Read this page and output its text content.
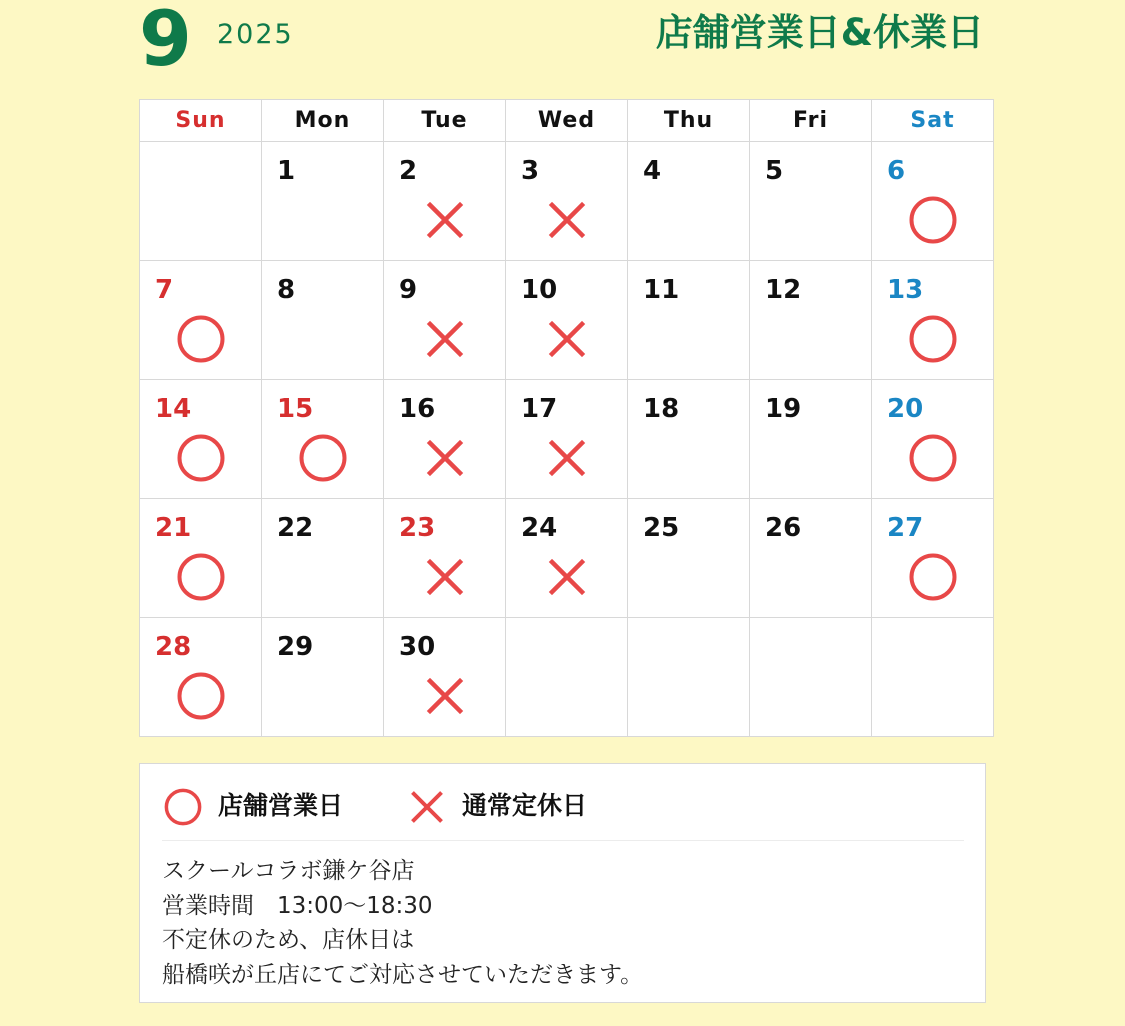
9 2025	店舗営業日&休業日
Sun	Mon	Tue	Wed	Thu	Fri	Sat

	1	2	3	4	5	6

7	8	9	10	11	12	13

14	15	16	17	18	19	20

21	22	23	24	25	26	27

28	29	30				

店舗営業日	通常定休日
スクールコラボ鎌ケ谷店
営業時間　13:00〜18:30
不定休のため、店休日は
船橋咲が丘店にてご対応させていただきます。
